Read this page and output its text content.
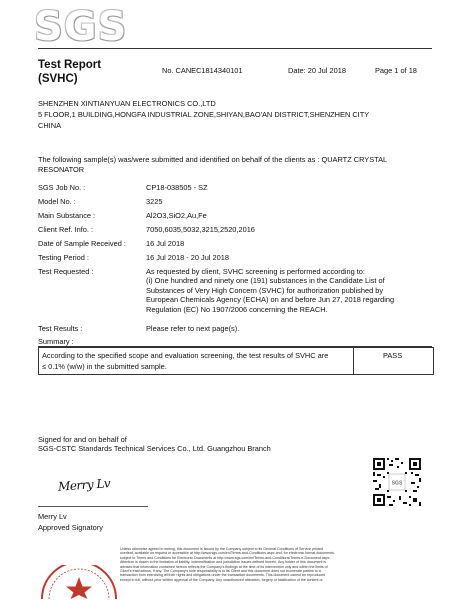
SGS
Test Report
(SVHC)
No. CANEC1814340101	Date: 20 Jul 2018	Page 1 of 18
SHENZHEN XINTIANYUAN ELECTRONICS CO.,LTD
5 FLOOR,1 BUILDING,HONGFA INDUSTRIAL ZONE,SHIYAN,BAO'AN DISTRICT,SHENZHEN CITY
CHINA
The following sample(s) was/were submitted and identified on behalf of the clients as : QUARTZ CRYSTAL
RESONATOR
SGS Job No. :	CP18-038505 - SZ
Model No. :	3225
Main Substance :	Al2O3,SiO2,Au,Fe
Client Ref. Info. :	7050,6035,5032,3215,2520,2016
Date of Sample Received :	16 Jul 2018
Testing Period :	16 Jul 2018 - 20 Jul 2018
Test Requested :	As requested by client, SVHC screening is performed according to:
(i) One hundred and ninety one (191) substances in the Candidate List of
Substances of Very High Concern (SVHC) for authorization published by
European Chemicals Agency (ECHA) on and before Jun 27, 2018 regarding
Regulation (EC) No 1907/2006 concerning the REACH.
Test Results :	Please refer to next page(s).
Summary :
According to the specified scope and evaluation screening, the test results of SVHC are
≤ 0.1% (w/w) in the submitted sample.
PASS
Signed for and on behalf of
SGS-CSTC Standards Technical Services Co., Ltd. Guangzhou Branch
Merry Lv
Merry Lv
Approved Signatory
SGS
Unless otherwise agreed in writing, this document is issued by the Company subject to its General Conditions of Service printed
overleaf, available on request or accessible at http://www.sgs.com/en/Terms-and-Conditions.aspx and, for electronic format documents,
subject to Terms and Conditions for Electronic Documents at http://www.sgs.com/en/Terms-and-Conditions/Terms-e-Document.aspx.
Attention is drawn to the limitation of liability, indemnification and jurisdiction issues defined therein. Any holder of this document is
advised that information contained hereon reflects the Company's findings at the time of its intervention only and within the limits of
Client's instructions, if any. The Company's sole responsibility is to its Client and this document does not exonerate parties to a
transaction from exercising all their rights and obligations under the transaction documents. This document cannot be reproduced
except in full, without prior written approval of the Company. Any unauthorized alteration, forgery or falsification of the content or
